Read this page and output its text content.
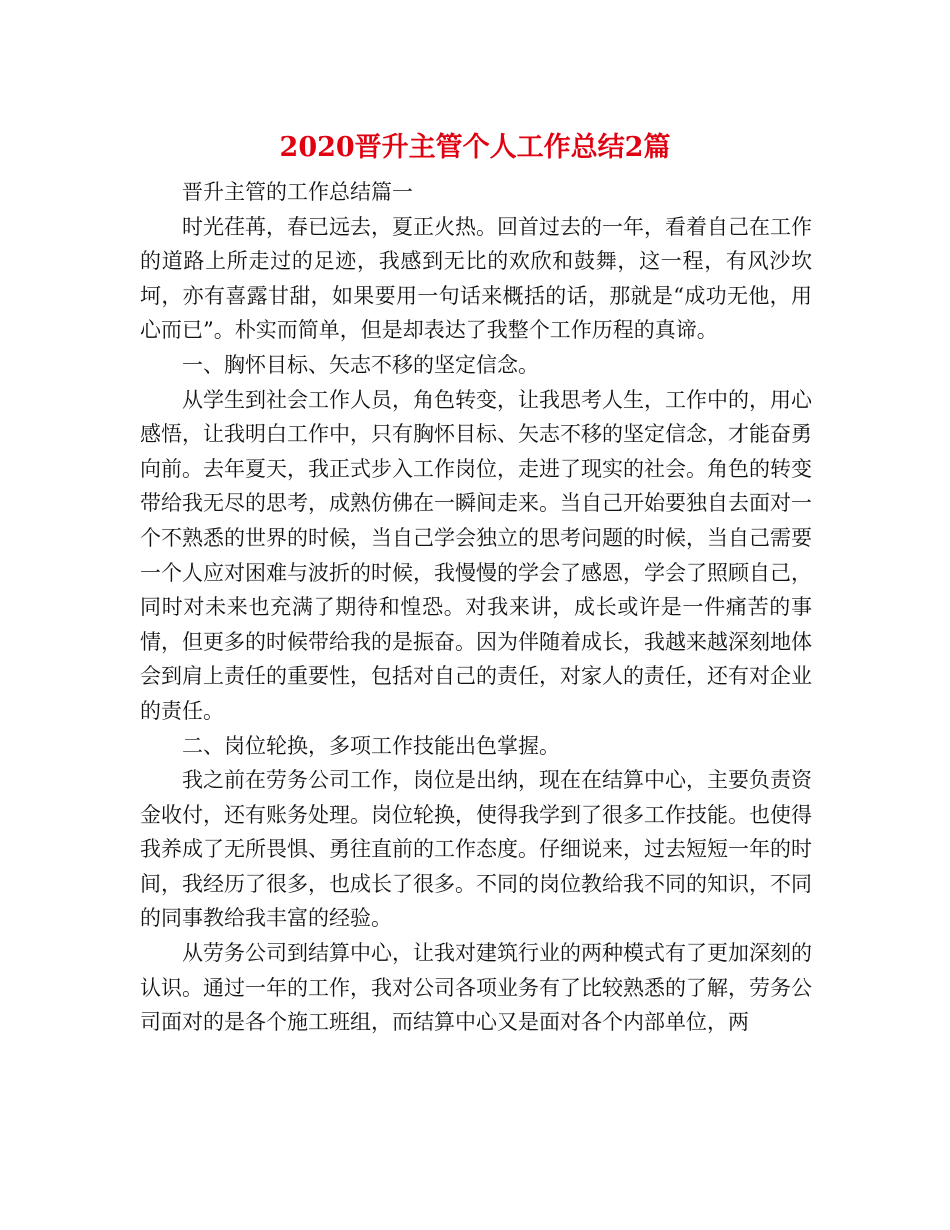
2020晋升主管个人工作总结2篇

晋升主管的工作总结篇一

时光荏苒，春已远去，夏正火热。回首过去的一年，看着自己在工作的道路上所走过的足迹，我感到无比的欢欣和鼓舞，这一程，有风沙坎坷，亦有喜露甘甜，如果要用一句话来概括的话，那就是“成功无他，用心而已”。朴实而简单，但是却表达了我整个工作历程的真谛。

一、胸怀目标、矢志不移的坚定信念。

从学生到社会工作人员，角色转变，让我思考人生，工作中的，用心感悟，让我明白工作中，只有胸怀目标、矢志不移的坚定信念，才能奋勇向前。去年夏天，我正式步入工作岗位，走进了现实的社会。角色的转变带给我无尽的思考，成熟仿佛在一瞬间走来。当自己开始要独自去面对一个不熟悉的世界的时候，当自己学会独立的思考问题的时候，当自己需要一个人应对困难与波折的时候，我慢慢的学会了感恩，学会了照顾自己，同时对未来也充满了期待和惶恐。对我来讲，成长或许是一件痛苦的事情，但更多的时候带给我的是振奋。因为伴随着成长，我越来越深刻地体会到肩上责任的重要性，包括对自己的责任，对家人的责任，还有对企业的责任。

二、岗位轮换，多项工作技能出色掌握。

我之前在劳务公司工作，岗位是出纳，现在在结算中心，主要负责资金收付，还有账务处理。岗位轮换，使得我学到了很多工作技能。也使得我养成了无所畏惧、勇往直前的工作态度。仔细说来，过去短短一年的时间，我经历了很多，也成长了很多。不同的岗位教给我不同的知识，不同的同事教给我丰富的经验。

从劳务公司到结算中心，让我对建筑行业的两种模式有了更加深刻的认识。通过一年的工作，我对公司各项业务有了比较熟悉的了解，劳务公司面对的是各个施工班组，而结算中心又是面对各个内部单位，两
